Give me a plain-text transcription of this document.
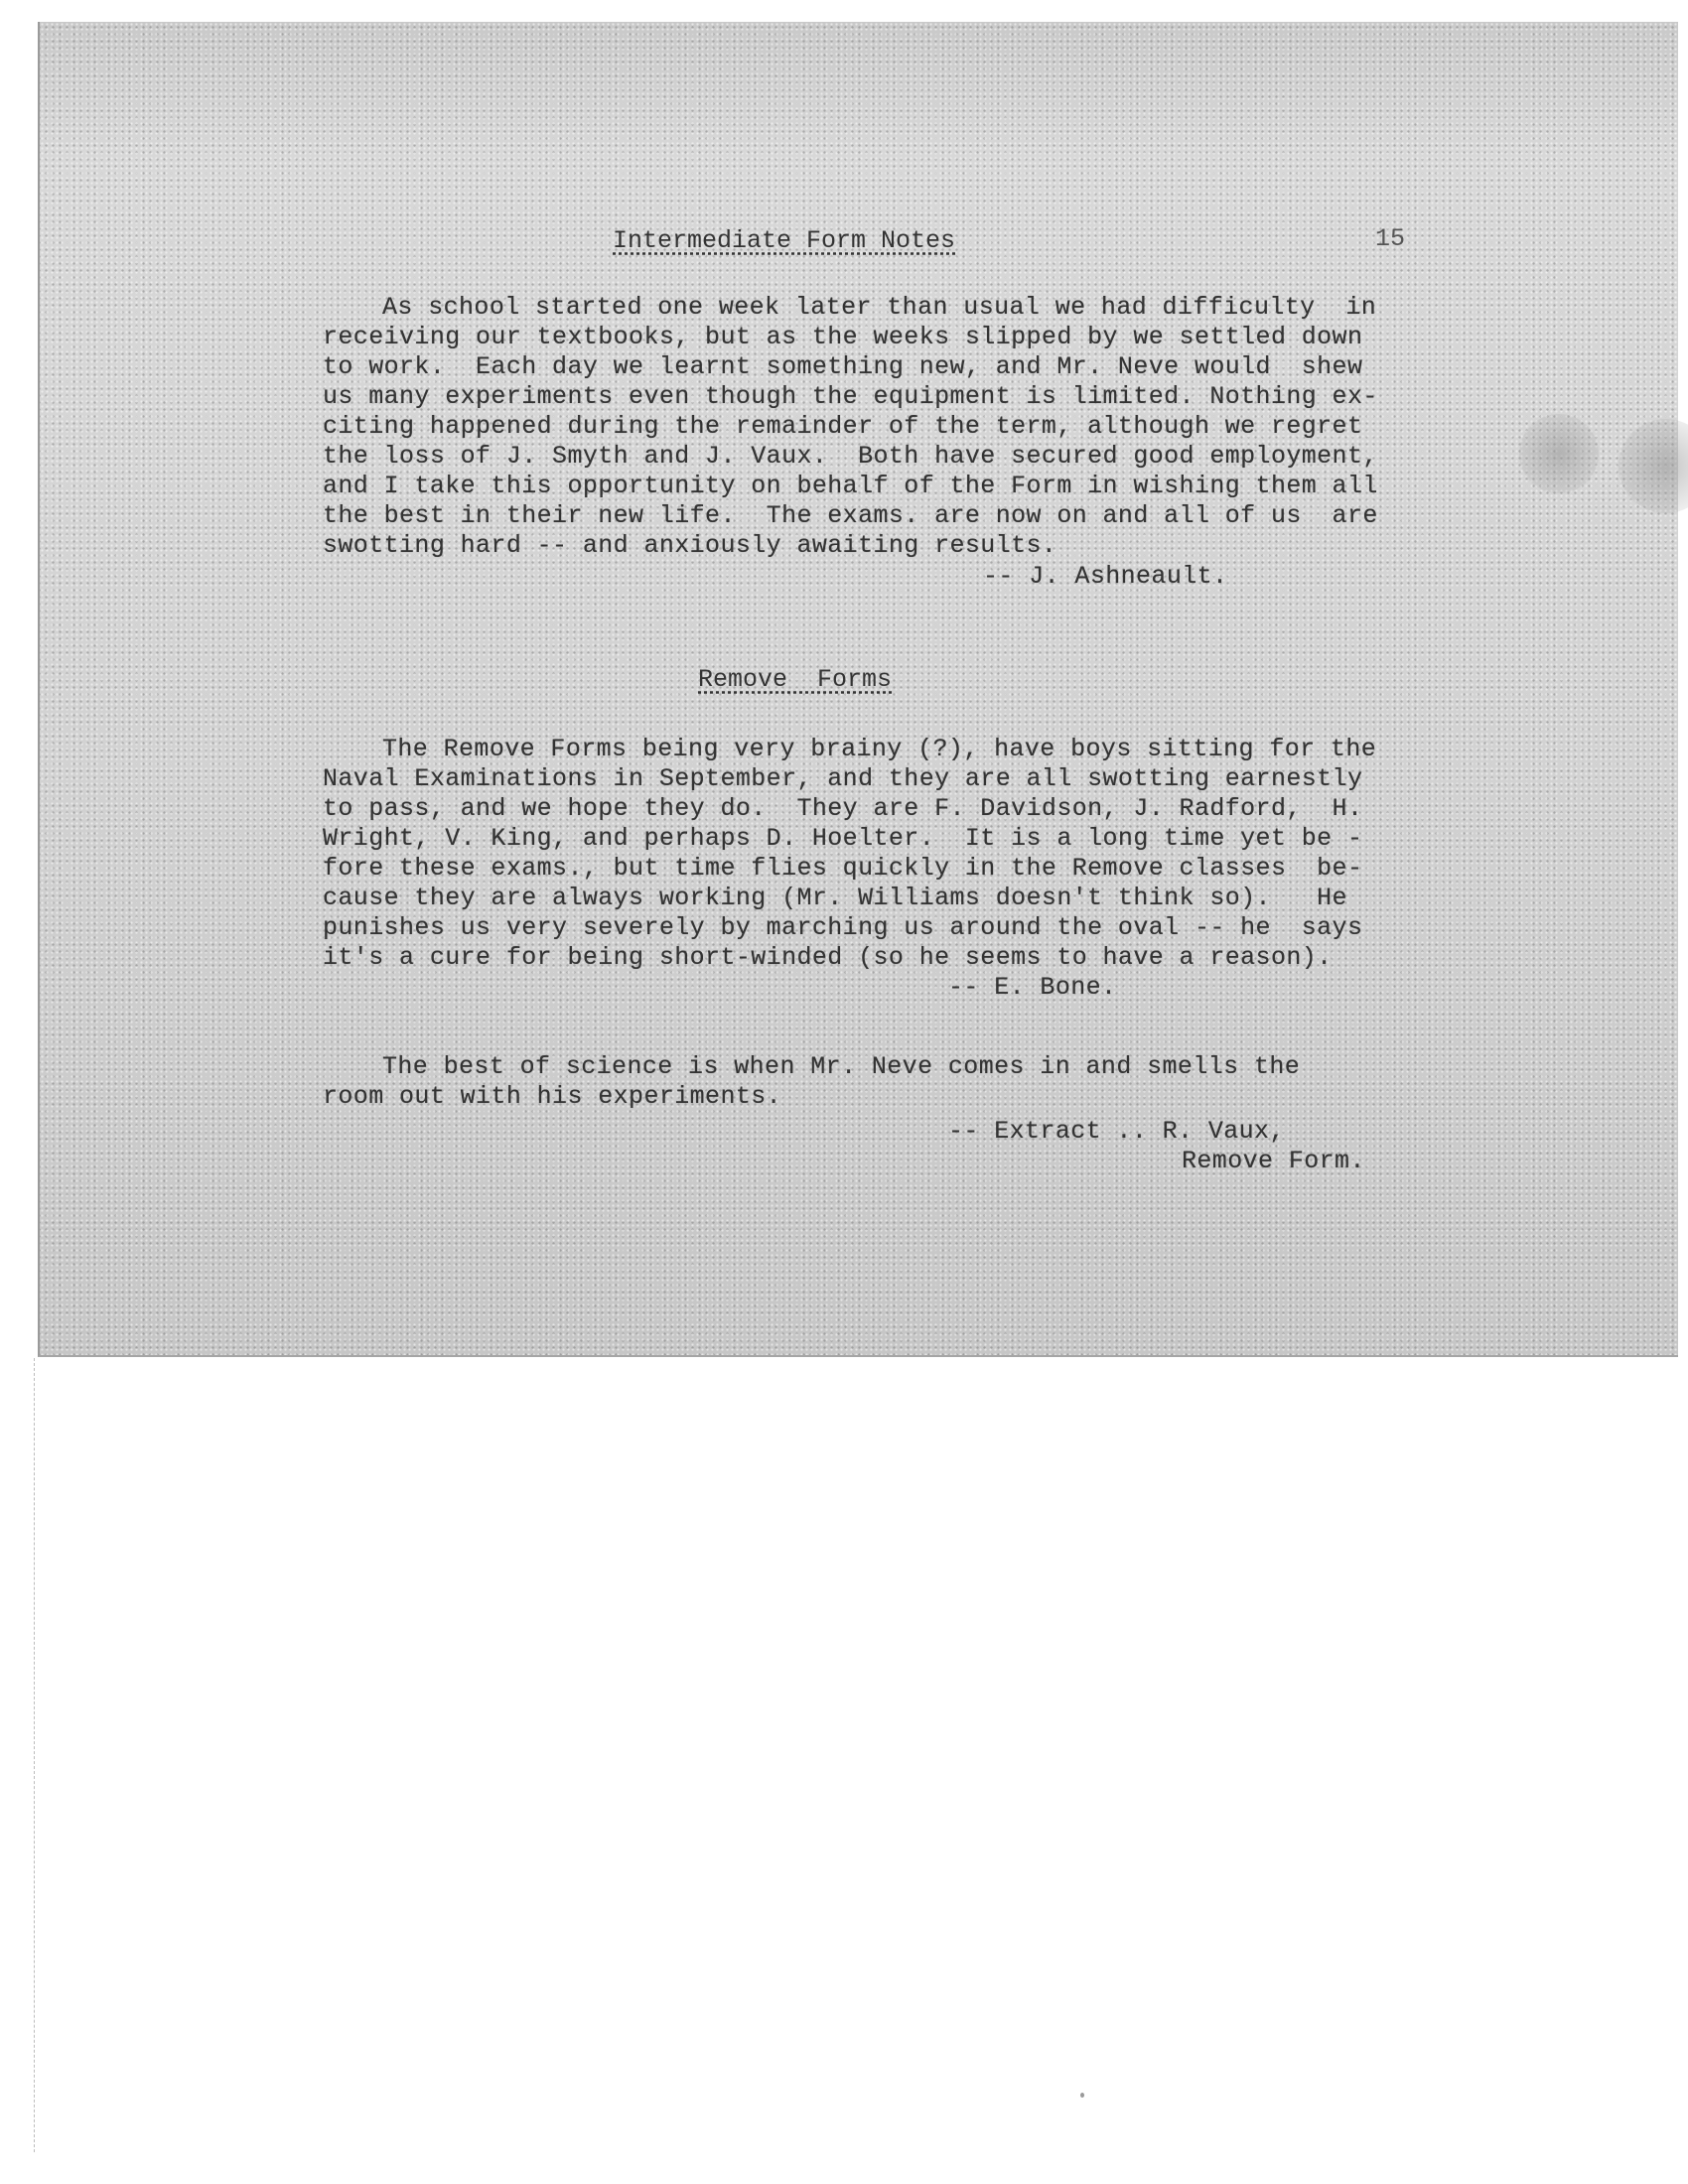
Intermediate Form Notes	15

As school started one week later than usual we had difficulty  in

receiving our textbooks, but as the weeks slipped by we settled down

to work.  Each day we learnt something new, and Mr. Neve would  shew

us many experiments even though the equipment is limited. Nothing ex-

citing happened during the remainder of the term, although we regret

the loss of J. Smyth and J. Vaux.  Both have secured good employment,

and I take this opportunity on behalf of the Form in wishing them all

the best in their new life.  The exams. are now on and all of us  are

swotting hard -- and anxiously awaiting results.

-- J. Ashneault.

Remove  Forms

The Remove Forms being very brainy (?), have boys sitting for the

Naval Examinations in September, and they are all swotting earnestly

to pass, and we hope they do.  They are F. Davidson, J. Radford,  H.

Wright, V. King, and perhaps D. Hoelter.  It is a long time yet be -

fore these exams., but time flies quickly in the Remove classes  be-

cause they are always working (Mr. Williams doesn't think so).   He

punishes us very severely by marching us around the oval -- he  says

it's a cure for being short-winded (so he seems to have a reason).

-- E. Bone.

The best of science is when Mr. Neve comes in and smells the

room out with his experiments.

-- Extract .. R. Vaux,

Remove Form.
